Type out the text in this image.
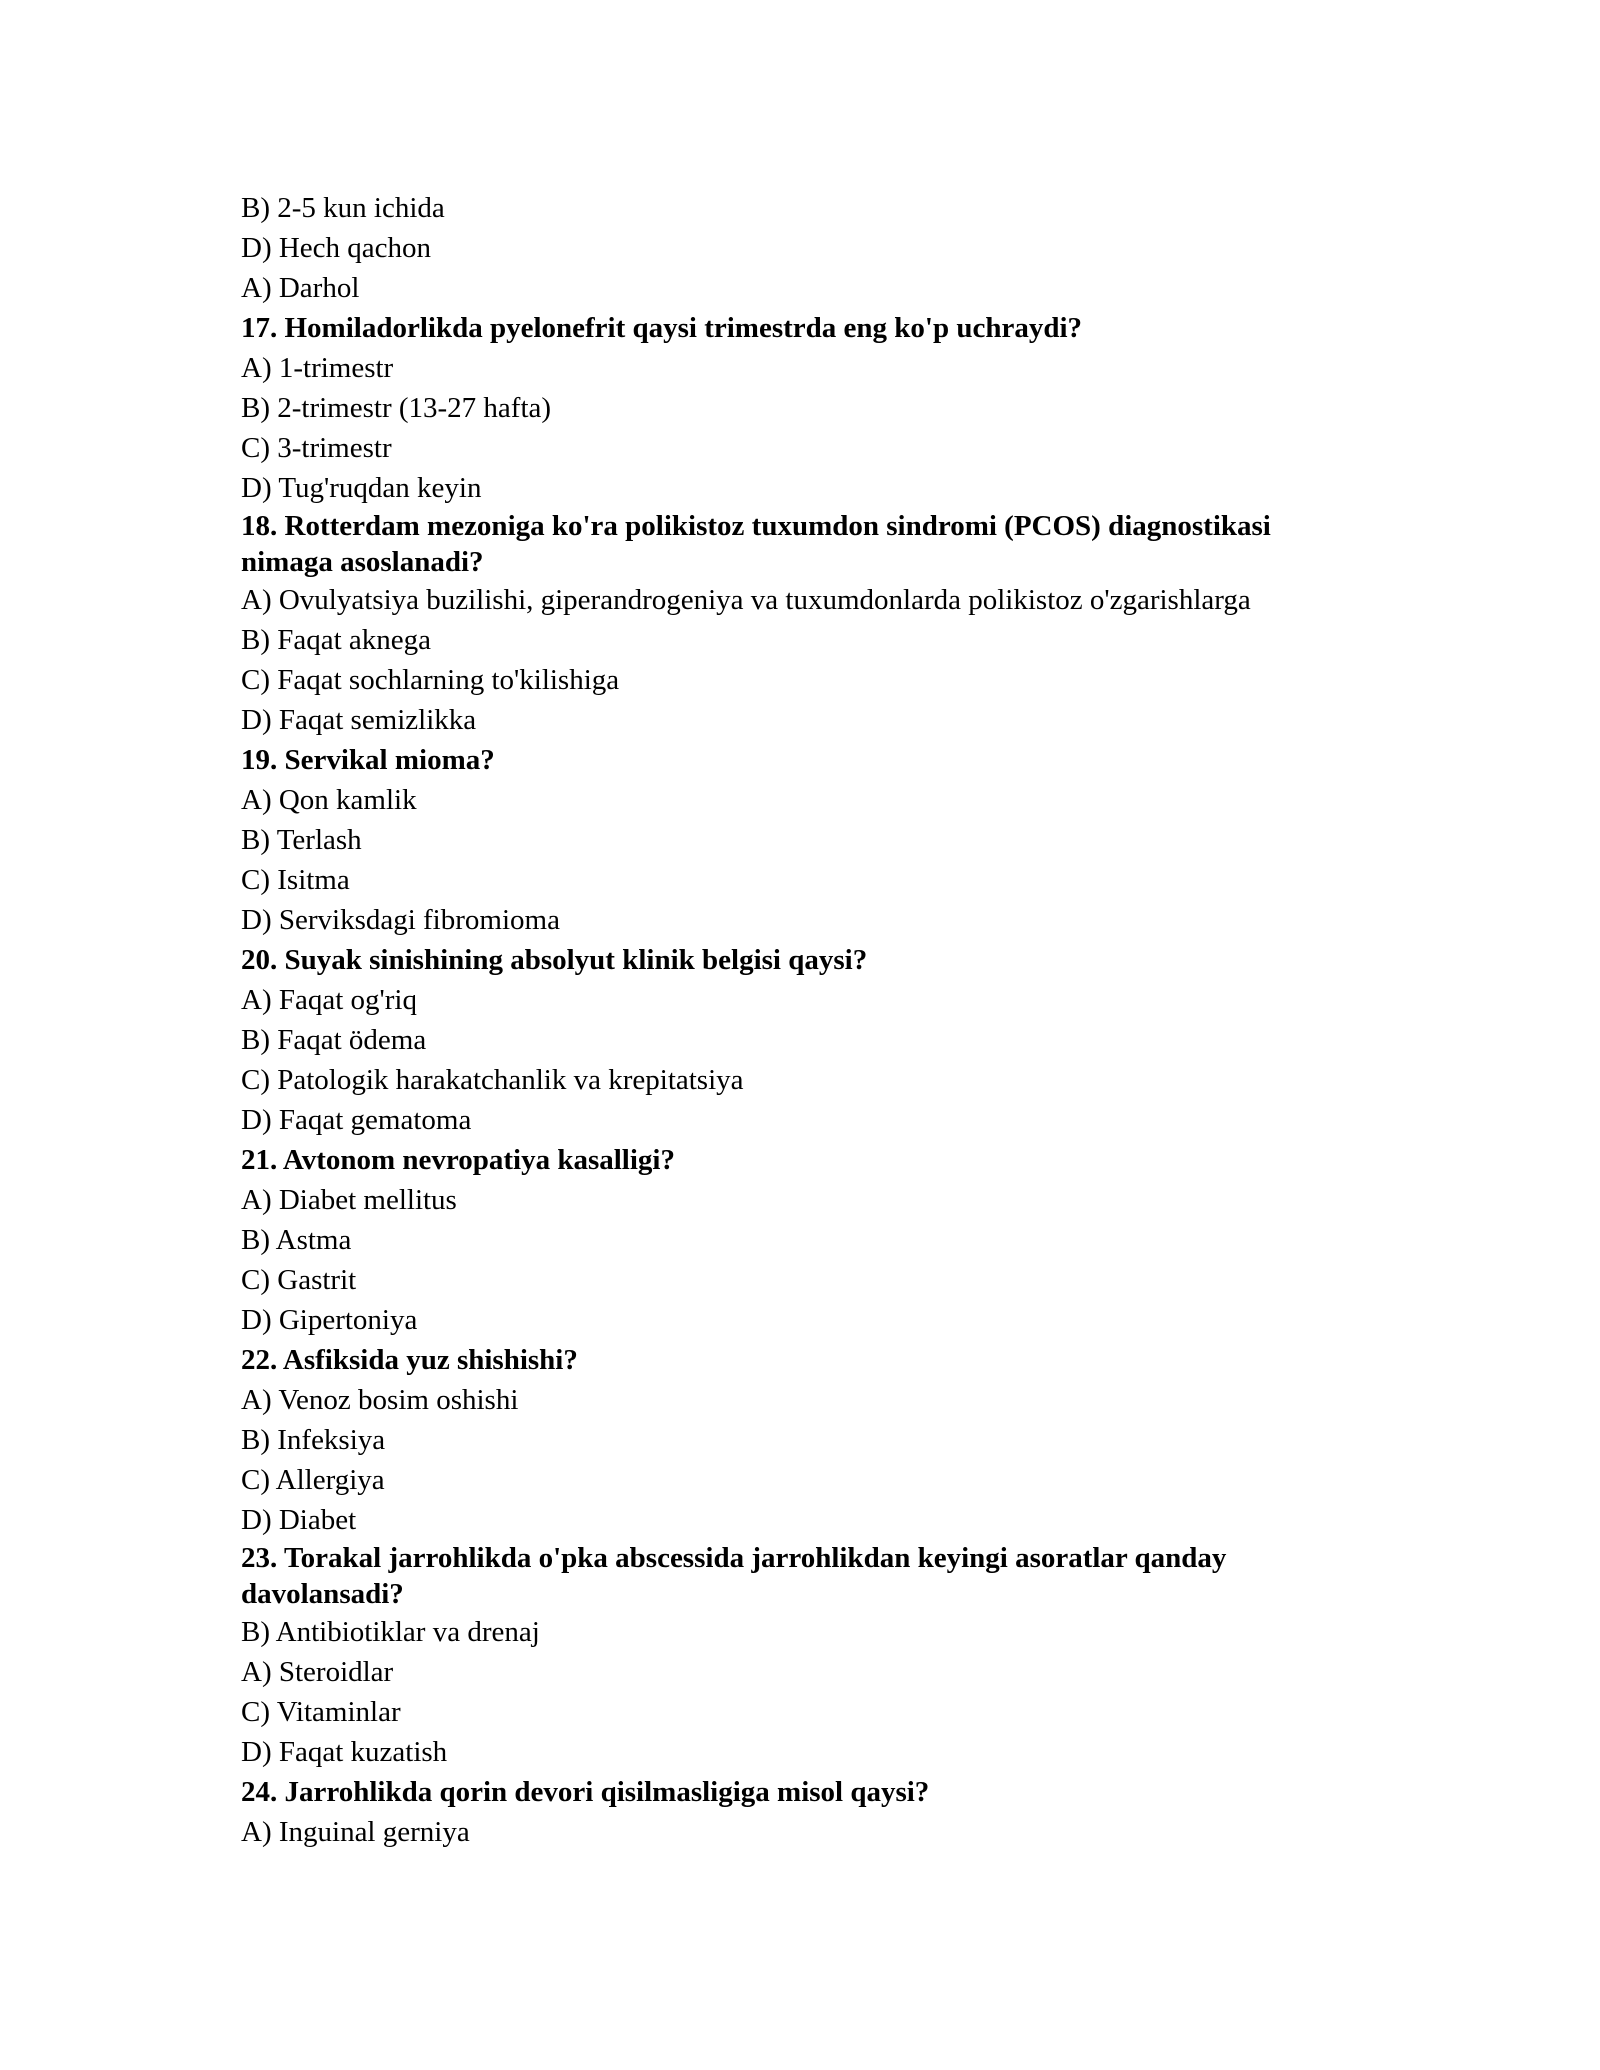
B) 2-5 kun ichida
D) Hech qachon
A) Darhol
17. Homiladorlikda pyelonefrit qaysi trimestrda eng ko'p uchraydi?
A) 1-trimestr
B) 2-trimestr (13-27 hafta)
C) 3-trimestr
D) Tug'ruqdan keyin
18. Rotterdam mezoniga ko'ra polikistoz tuxumdon sindromi (PCOS) diagnostikasi nimaga asoslanadi?
A) Ovulyatsiya buzilishi, giperandrogeniya va tuxumdonlarda polikistoz o'zgarishlarga
B) Faqat aknega
C) Faqat sochlarning to'kilishiga
D) Faqat semizlikka
19. Servikal mioma?
A) Qon kamlik
B) Terlash
C) Isitma
D) Serviksdagi fibromioma
20. Suyak sinishining absolyut klinik belgisi qaysi?
A) Faqat og'riq
B) Faqat ödema
C) Patologik harakatchanlik va krepitatsiya
D) Faqat gematoma
21. Avtonom nevropatiya kasalligi?
A) Diabet mellitus
B) Astma
C) Gastrit
D) Gipertoniya
22. Asfiksida yuz shishishi?
A) Venoz bosim oshishi
B) Infeksiya
C) Allergiya
D) Diabet
23. Torakal jarrohlikda o'pka abscessida jarrohlikdan keyingi asoratlar qanday davolansadi?
B) Antibiotiklar va drenaj
A) Steroidlar
C) Vitaminlar
D) Faqat kuzatish
24. Jarrohlikda qorin devori qisilmasligiga misol qaysi?
A) Inguinal gerniya
